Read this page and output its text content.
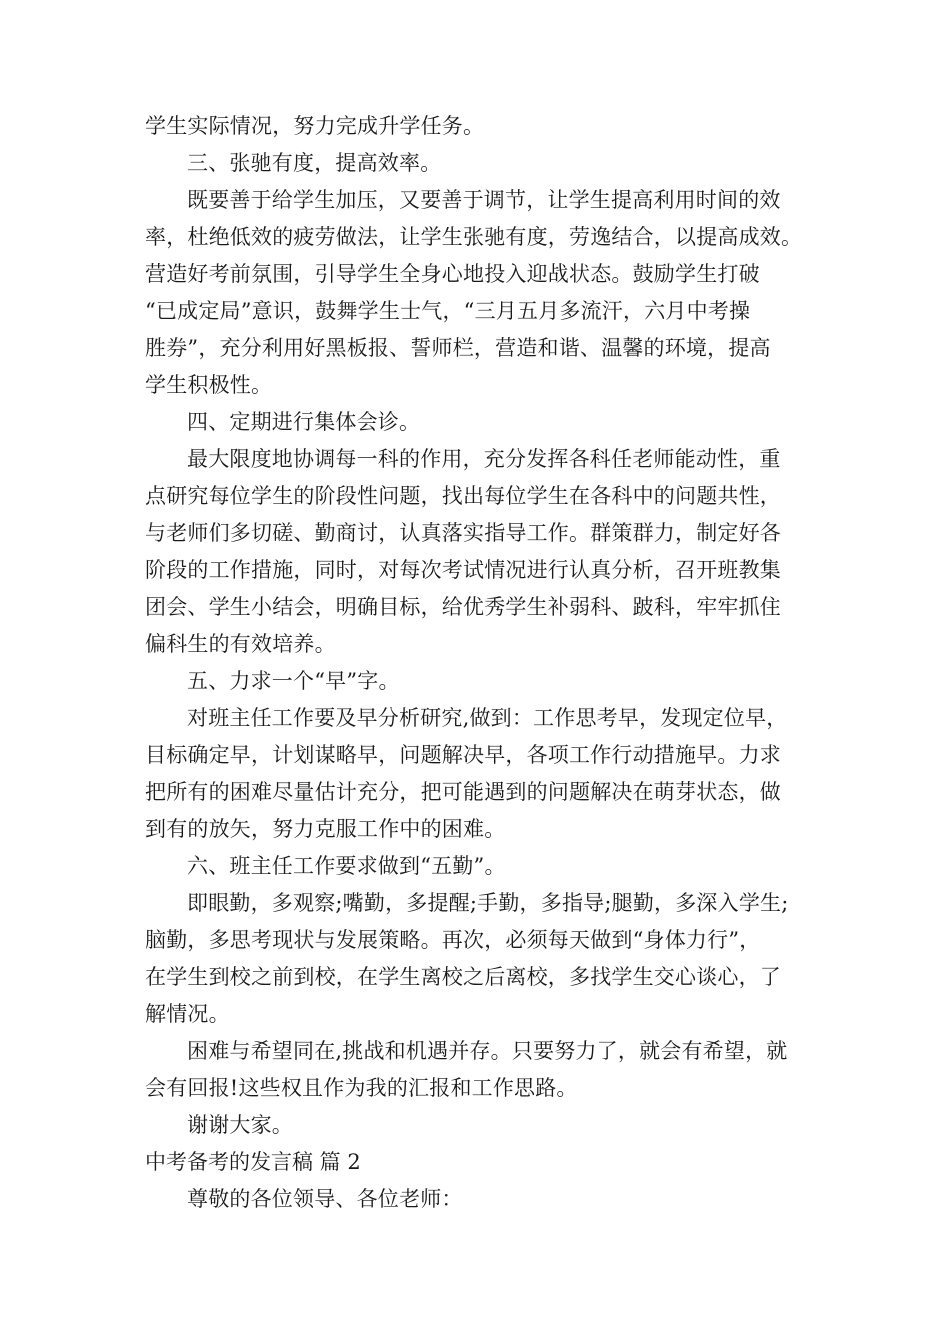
学生实际情况，努力完成升学任务。
三、张驰有度，提高效率。
既要善于给学生加压，又要善于调节，让学生提高利用时间的效
率，杜绝低效的疲劳做法，让学生张驰有度，劳逸结合，以提高成效。
营造好考前氛围，引导学生全身心地投入迎战状态。鼓励学生打破
“已成定局”意识，鼓舞学生士气，“三月五月多流汗，六月中考操
胜券”，充分利用好黑板报、誓师栏，营造和谐、温馨的环境，提高
学生积极性。
四、定期进行集体会诊。
最大限度地协调每一科的作用，充分发挥各科任老师能动性，重
点研究每位学生的阶段性问题，找出每位学生在各科中的问题共性，
与老师们多切磋、勤商讨，认真落实指导工作。群策群力，制定好各
阶段的工作措施，同时，对每次考试情况进行认真分析，召开班教集
团会、学生小结会，明确目标，给优秀学生补弱科、跛科，牢牢抓住
偏科生的有效培养。
五、力求一个“早”字。
对班主任工作要及早分析研究,做到：工作思考早，发现定位早，
目标确定早，计划谋略早，问题解决早，各项工作行动措施早。力求
把所有的困难尽量估计充分，把可能遇到的问题解决在萌芽状态，做
到有的放矢，努力克服工作中的困难。
六、班主任工作要求做到“五勤”。
即眼勤，多观察;嘴勤，多提醒;手勤，多指导;腿勤，多深入学生;
脑勤，多思考现状与发展策略。再次，必须每天做到“身体力行”，
在学生到校之前到校，在学生离校之后离校，多找学生交心谈心，了
解情况。
困难与希望同在,挑战和机遇并存。只要努力了，就会有希望，就
会有回报!这些权且作为我的汇报和工作思路。
谢谢大家。
中考备考的发言稿 篇 2
尊敬的各位领导、各位老师：
